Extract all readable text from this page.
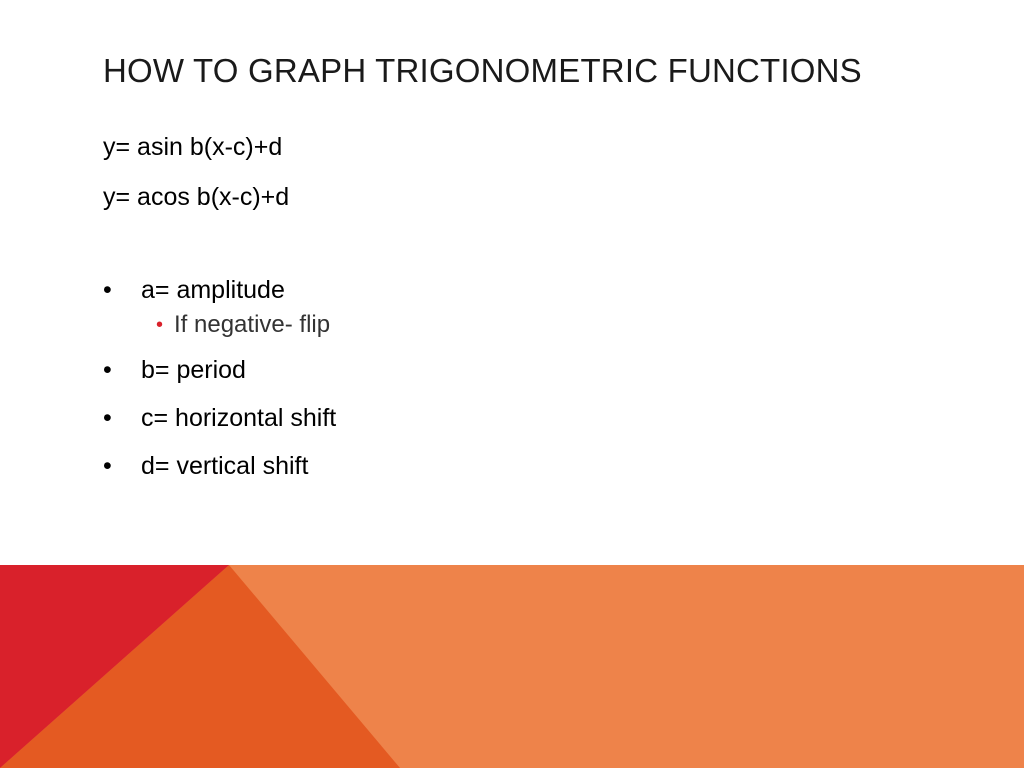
HOW TO GRAPH TRIGONOMETRIC FUNCTIONS
y= asin b(x-c)+d
y= acos b(x-c)+d
•	a= amplitude
• If negative- flip
•	b= period
•	c= horizontal shift
•	d= vertical shift
